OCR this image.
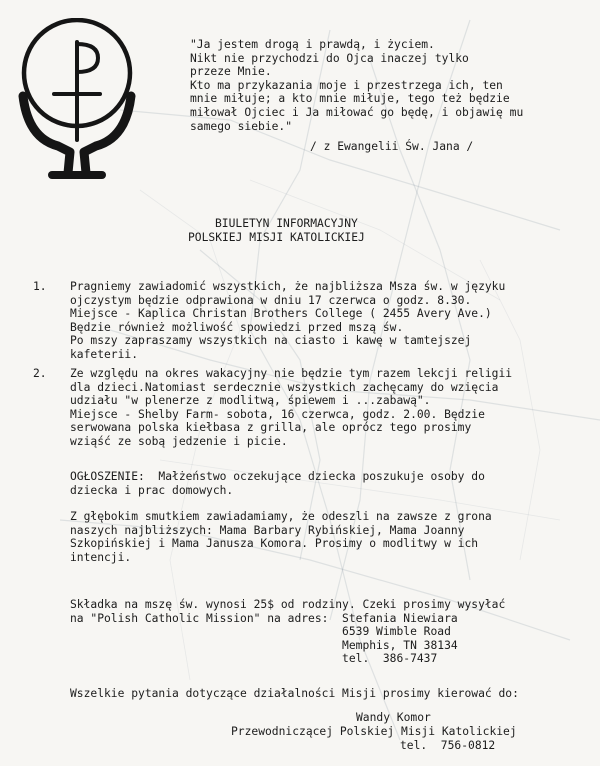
"Ja jestem drogą i prawdą, i życiem.
Nikt nie przychodzi do Ojca inaczej tylko
przeze Mnie.
Kto ma przykazania moje i przestrzega ich, ten
mnie miłuje; a kto mnie miłuje, tego też będzie
miłował Ojciec i Ja miłować go będę, i objawię mu
samego siebie."
/ z Ewangelii Św. Jana /
BIULETYN INFORMACYJNY
POLSKIEJ MISJI KATOLICKIEJ
1. Pragniemy zawiadomić wszystkich, że najbliższa Msza św. w języku
ojczystym będzie odprawiona w dniu 17 czerwca o godz. 8.30.
Miejsce - Kaplica Christan Brothers College ( 2455 Avery Ave.)
Będzie również możliwość spowiedzi przed mszą św.
Po mszy zapraszamy wszystkich na ciasto i kawę w tamtejszej
kafeterii.
2. Ze względu na okres wakacyjny nie będzie tym razem lekcji religii
dla dzieci.Natomiast serdecznie wszystkich zachęcamy do wzięcia
udziału "w plenerze z modlitwą, śpiewem i ...zabawą".
Miejsce - Shelby Farm- sobota, 16 czerwca, godz. 2.00. Będzie
serwowana polska kiełbasa z grilla, ale oprócz tego prosimy
wziąść ze sobą jedzenie i picie.
OGŁOSZENIE:  Małżeństwo oczekujące dziecka poszukuje osoby do
dziecka i prac domowych.
Z głębokim smutkiem zawiadamiamy, że odeszli na zawsze z grona
naszych najbliższych: Mama Barbary Rybińskiej, Mama Joanny
Szkopińskiej i Mama Janusza Komora. Prosimy o modlitwy w ich
intencji.
Składka na mszę św. wynosi 25$ od rodziny. Czeki prosimy wysyłać
na "Polish Catholic Mission" na adres:  Stefania Niewiara
6539 Wimble Road
Memphis, TN 38134
tel.  386-7437
Wszelkie pytania dotyczące działalności Misji prosimy kierować do:
Wandy Komor
Przewodniczącej Polskiej Misji Katolickiej
tel.  756-0812
